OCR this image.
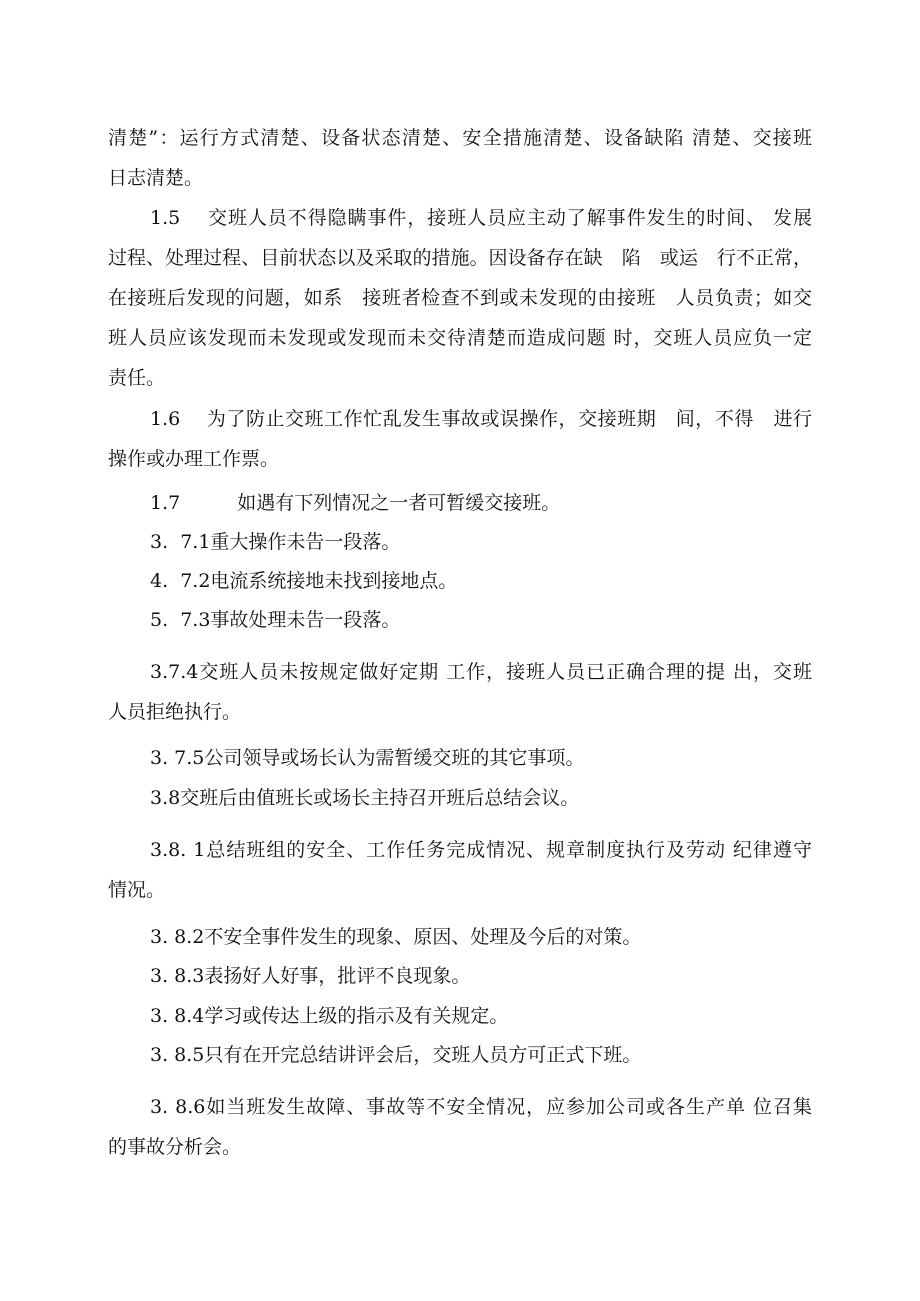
清楚”：运行方式清楚、设备状态清楚、安全措施清楚、设备缺陷 清楚、交接班
日志清楚。
1.5　 交班人员不得隐瞒事件，接班人员应主动了解事件发生的时间、 发展
过程、处理过程、目前状态以及采取的措施。因设备存在缺　陷　或运　行不正常，
在接班后发现的问题，如系　接班者检查不到或未发现的由接班　人员负责；如交
班人员应该发现而未发现或发现而未交待清楚而造成问题 时，交班人员应负一定
责任。
1.6　 为了防止交班工作忙乱发生事故或误操作，交接班期　间，不得　进行
操作或办理工作票。
1.7　　　如遇有下列情况之一者可暂缓交接班。
3.  7.1重大操作未告一段落。
4.  7.2电流系统接地未找到接地点。
5.  7.3事故处理未告一段落。
3.7.4交班人员未按规定做好定期 工作，接班人员已正确合理的提 出，交班
人员拒绝执行。
3. 7.5公司领导或场长认为需暂缓交班的其它事项。
3.8交班后由值班长或场长主持召开班后总结会议。
3.8. 1总结班组的安全、工作任务完成情况、规章制度执行及劳动 纪律遵守
情况。
3. 8.2不安全事件发生的现象、原因、处理及今后的对策。
3. 8.3表扬好人好事，批评不良现象。
3. 8.4学习或传达上级的指示及有关规定。
3. 8.5只有在开完总结讲评会后，交班人员方可正式下班。
3. 8.6如当班发生故障、事故等不安全情况，应参加公司或各生产单 位召集
的事故分析会。
